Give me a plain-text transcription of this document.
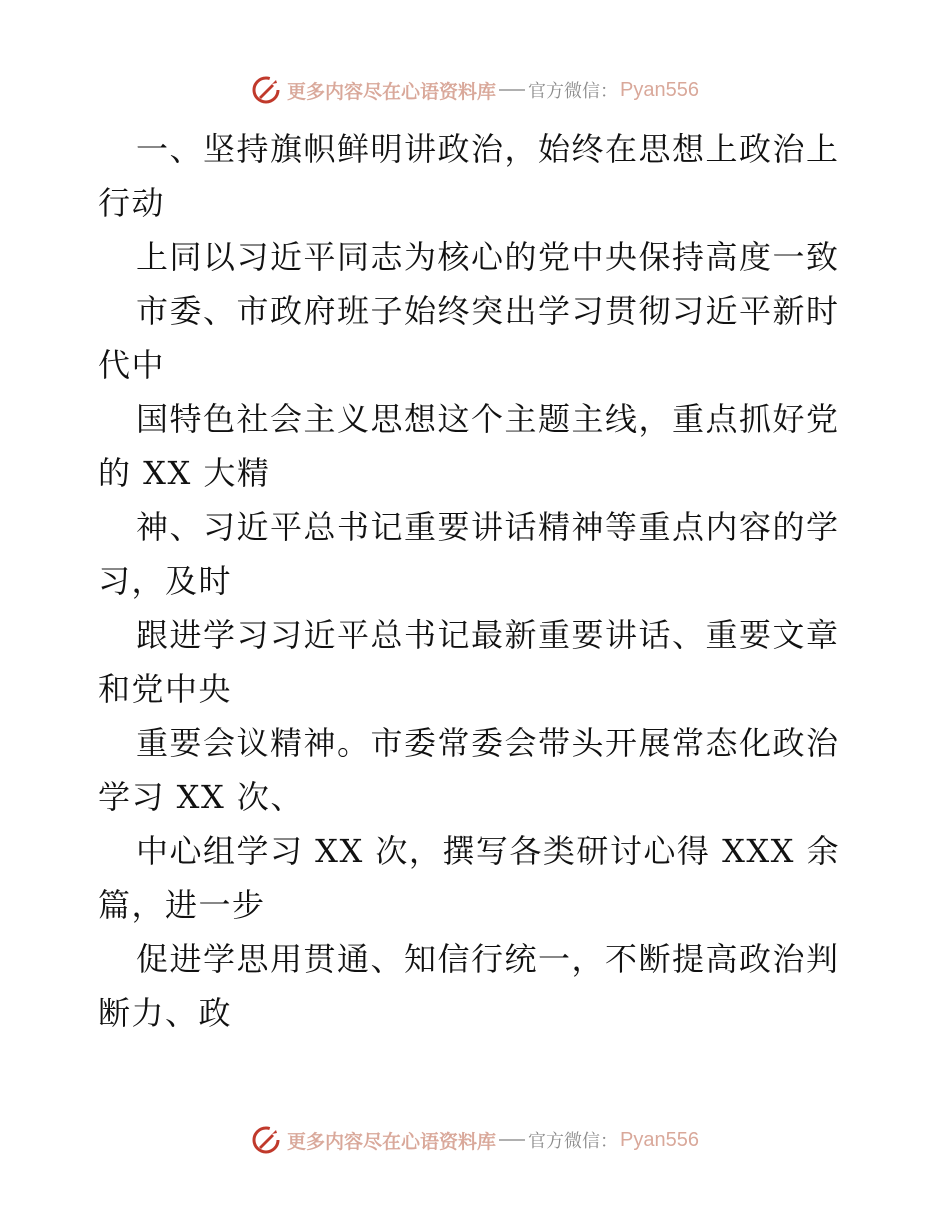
更多内容尽在心语资料库 官方微信： Pyan556

一、坚持旗帜鲜明讲政治，始终在思想上政治上行动

上同以习近平同志为核心的党中央保持高度一致

市委、市政府班子始终突出学习贯彻习近平新时代中

国特色社会主义思想这个主题主线，重点抓好党的 XX 大精

神、习近平总书记重要讲话精神等重点内容的学习，及时

跟进学习习近平总书记最新重要讲话、重要文章和党中央

重要会议精神。市委常委会带头开展常态化政治学习 XX 次、

中心组学习 XX 次，撰写各类研讨心得 XXX 余篇，进一步

促进学思用贯通、知信行统一，不断提高政治判断力、政

更多内容尽在心语资料库 官方微信： Pyan556
